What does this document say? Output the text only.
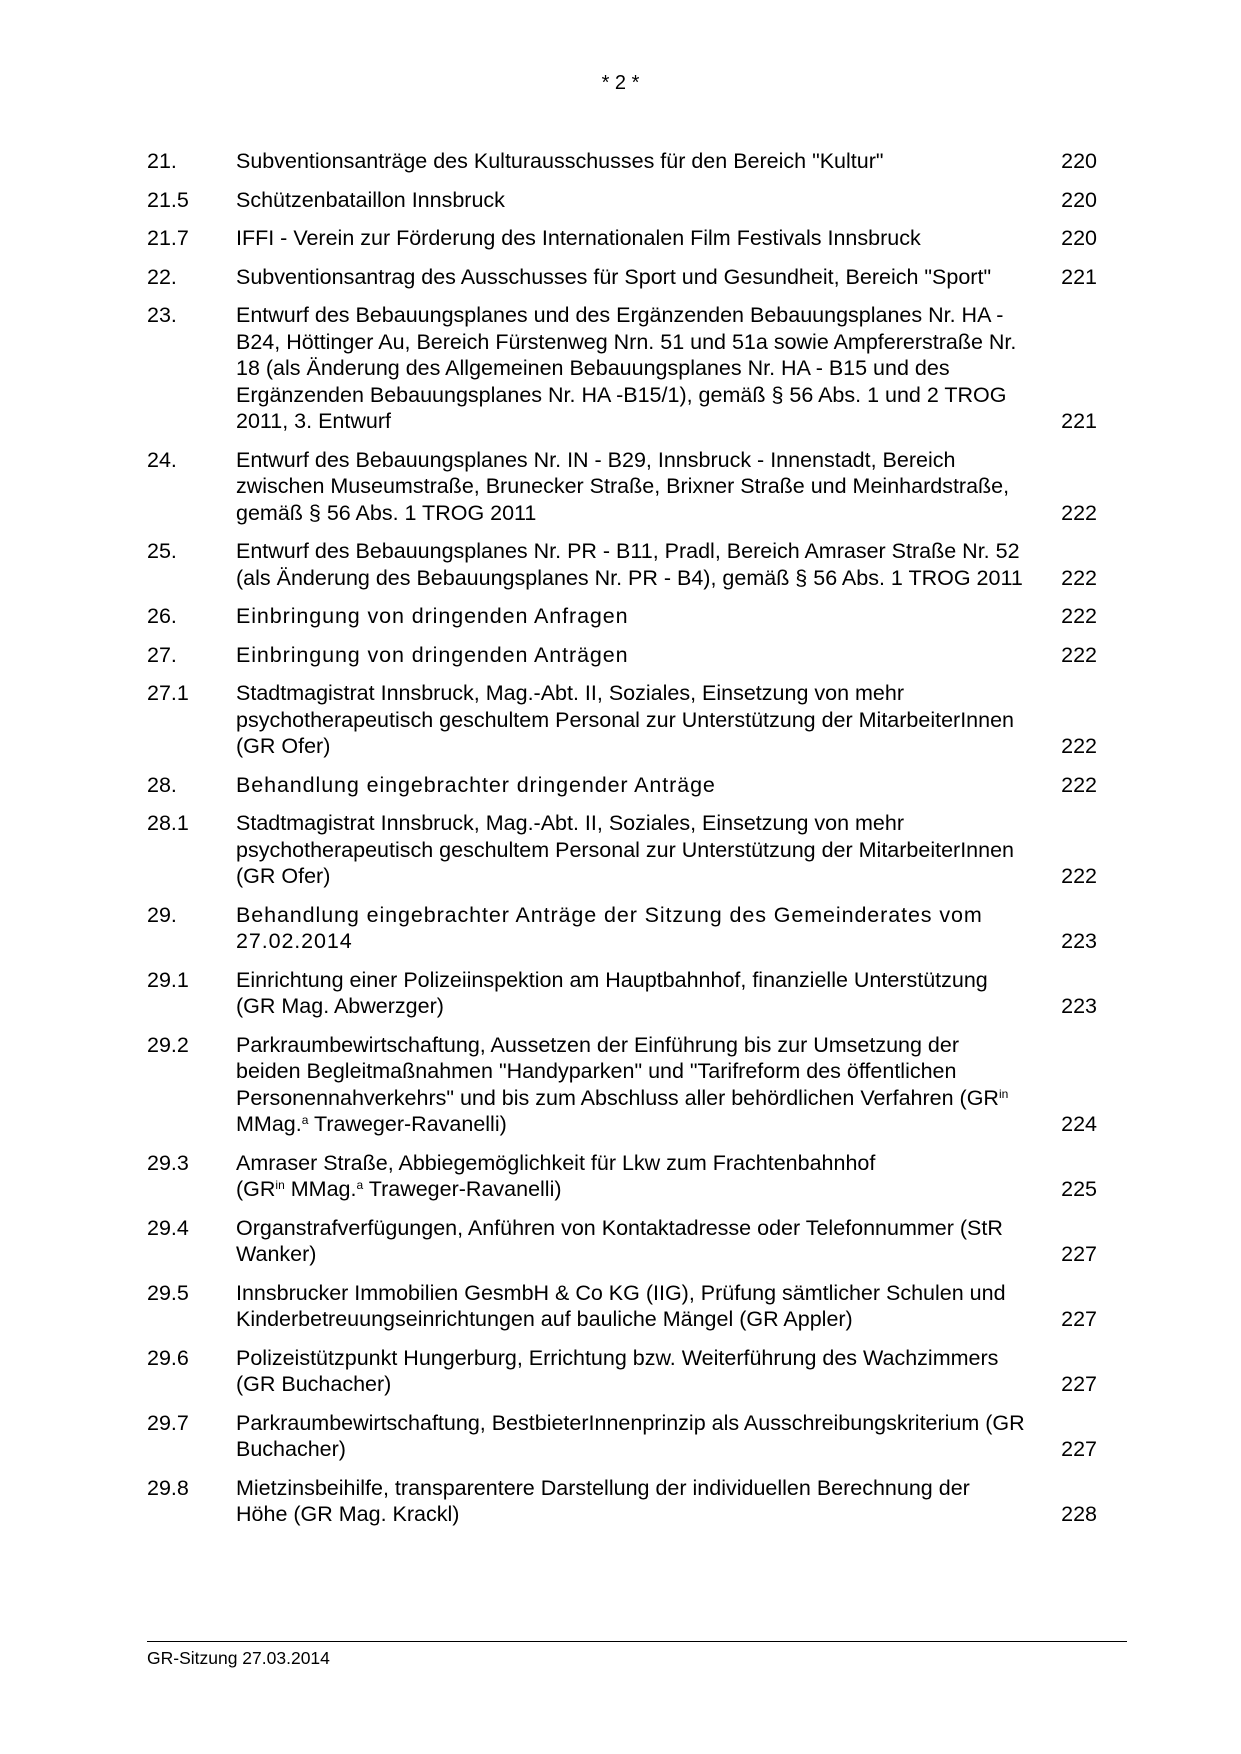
* 2 *
21.	Subventionsanträge des Kulturausschusses für den Bereich "Kultur"	220
21.5	Schützenbataillon Innsbruck	220
21.7	IFFI - Verein zur Förderung des Internationalen Film Festivals Innsbruck	220
22.	Subventionsantrag des Ausschusses für Sport und Gesundheit, Bereich "Sport"	221
23.	Entwurf des Bebauungsplanes und des Ergänzenden Bebauungsplanes Nr. HA - B24, Höttinger Au, Bereich Fürstenweg Nrn. 51 und 51a sowie Ampfererstraße Nr. 18 (als Änderung des Allgemeinen Bebauungsplanes Nr. HA - B15 und des Ergänzenden Bebauungsplanes Nr. HA -B15/1), gemäß § 56 Abs. 1 und 2 TROG 2011, 3. Entwurf	221
24.	Entwurf des Bebauungsplanes Nr. IN - B29, Innsbruck - Innenstadt, Bereich zwischen Museumstraße, Brunecker Straße, Brixner Straße und Meinhardstraße, gemäß § 56 Abs. 1 TROG 2011	222
25.	Entwurf des Bebauungsplanes Nr. PR - B11, Pradl, Bereich Amraser Straße Nr. 52 (als Änderung des Bebauungsplanes Nr. PR - B4), gemäß § 56 Abs. 1 TROG 2011	222
26.	Einbringung von dringenden Anfragen	222
27.	Einbringung von dringenden Anträgen	222
27.1	Stadtmagistrat Innsbruck, Mag.-Abt. II, Soziales, Einsetzung von mehr psychotherapeutisch geschultem Personal zur Unterstützung der MitarbeiterInnen (GR Ofer)	222
28.	Behandlung eingebrachter dringender Anträge	222
28.1	Stadtmagistrat Innsbruck, Mag.-Abt. II, Soziales, Einsetzung von mehr psychotherapeutisch geschultem Personal zur Unterstützung der MitarbeiterInnen (GR Ofer)	222
29.	Behandlung eingebrachter Anträge der Sitzung des Gemeinderates vom 27.02.2014	223
29.1	Einrichtung einer Polizeiinspektion am Hauptbahnhof, finanzielle Unterstützung (GR Mag. Abwerzger)	223
29.2	Parkraumbewirtschaftung, Aussetzen der Einführung bis zur Umsetzung der beiden Begleitmaßnahmen "Handyparken" und "Tarifreform des öffentlichen Personennahverkehrs" und bis zum Abschluss aller behördlichen Verfahren ($GR^{in}$ MMag.$^a$ Traweger-Ravanelli)	224
29.3	Amraser Straße, Abbiegemöglichkeit für Lkw zum Frachtenbahnhof
($GR^{in}$ MMag.$^a$ Traweger-Ravanelli)	225
29.4	Organstrafverfügungen, Anführen von Kontaktadresse oder Telefonnummer (StR Wanker)	227
29.5	Innsbrucker Immobilien GesmbH & Co KG (IIG), Prüfung sämtlicher Schulen und Kinderbetreuungseinrichtungen auf bauliche Mängel (GR Appler)	227
29.6	Polizeistützpunkt Hungerburg, Errichtung bzw. Weiterführung des Wachzimmers (GR Buchacher)	227
29.7	Parkraumbewirtschaftung, BestbieterInnenprinzip als Ausschreibungskriterium (GR Buchacher)	227
29.8	Mietzinsbeihilfe, transparentere Darstellung der individuellen Berechnung der Höhe (GR Mag. Krackl)	228
GR-Sitzung 27.03.2014
